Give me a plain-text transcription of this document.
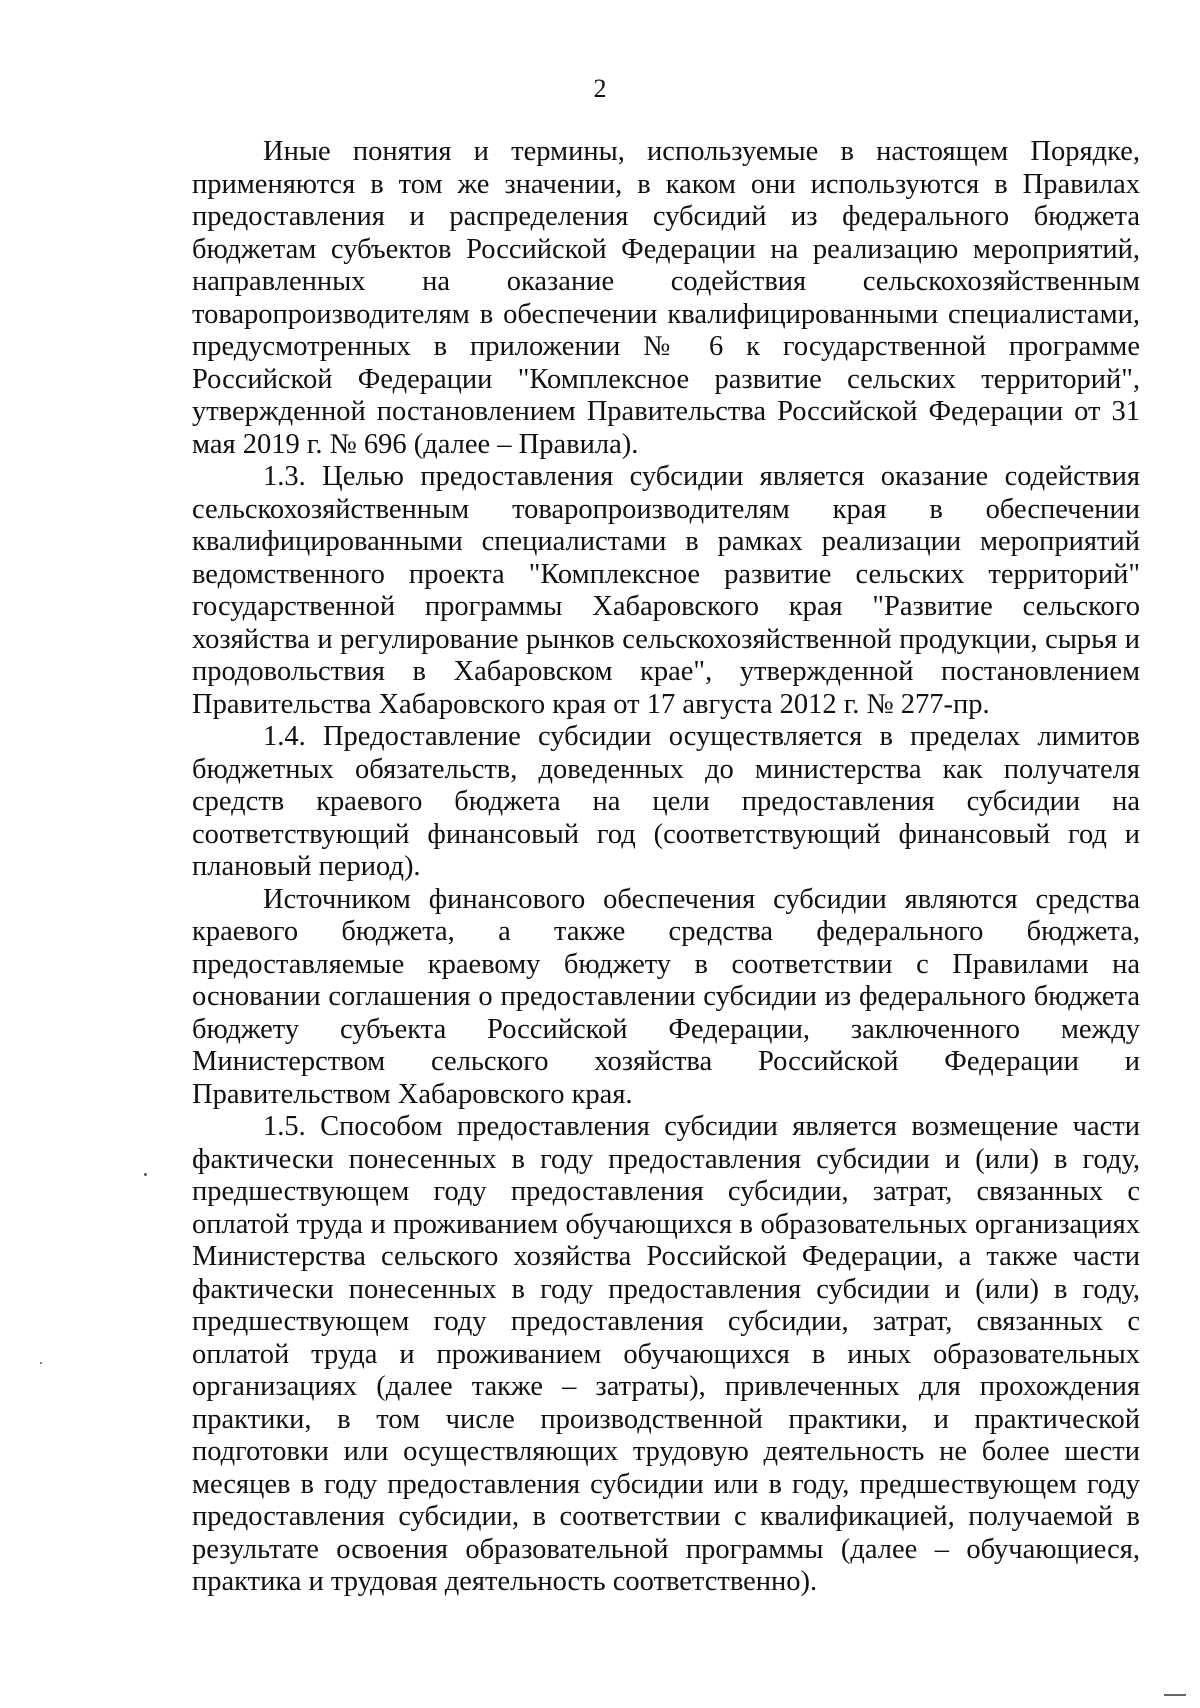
2

Иные понятия и термины, используемые в настоящем Порядке, применяются в том же значении, в каком они используются в Правилах предоставления и распределения субсидий из федерального бюджета бюджетам субъектов Российской Федерации на реализацию мероприятий, направленных на оказание содействия сельскохозяйственным товаропроизводителям в обеспечении квалифицированными специалистами, предусмотренных в приложении № 6 к государственной программе Российской Федерации "Комплексное развитие сельских территорий", утвержденной постановлением Правительства Российской Федерации от 31 мая 2019 г. № 696 (далее – Правила).

1.3. Целью предоставления субсидии является оказание содействия сельскохозяйственным товаропроизводителям края в обеспечении квалифицированными специалистами в рамках реализации мероприятий ведомственного проекта "Комплексное развитие сельских территорий" государственной программы Хабаровского края "Развитие сельского хозяйства и регулирование рынков сельскохозяйственной продукции, сырья и продовольствия в Хабаровском крае", утвержденной постановлением Правительства Хабаровского края от 17 августа 2012 г. № 277-пр.

1.4. Предоставление субсидии осуществляется в пределах лимитов бюджетных обязательств, доведенных до министерства как получателя средств краевого бюджета на цели предоставления субсидии на соответствующий финансовый год (соответствующий финансовый год и плановый период).

Источником финансового обеспечения субсидии являются средства краевого бюджета, а также средства федерального бюджета, предоставляемые краевому бюджету в соответствии с Правилами на основании соглашения о предоставлении субсидии из федерального бюджета бюджету субъекта Российской Федерации, заключенного между Министерством сельского хозяйства Российской Федерации и Правительством Хабаровского края.

1.5. Способом предоставления субсидии является возмещение части фактически понесенных в году предоставления субсидии и (или) в году, предшествующем году предоставления субсидии, затрат, связанных с оплатой труда и проживанием обучающихся в образовательных организациях Министерства сельского хозяйства Российской Федерации, а также части фактически понесенных в году предоставления субсидии и (или) в году, предшествующем году предоставления субсидии, затрат, связанных с оплатой труда и проживанием обучающихся в иных образовательных организациях (далее также – затраты), привлеченных для прохождения практики, в том числе производственной практики, и практической подготовки или осуществляющих трудовую деятельность не более шести месяцев в году предоставления субсидии или в году, предшествующем году предоставления субсидии, в соответствии с квалификацией, получаемой в результате освоения образовательной программы (далее – обучающиеся, практика и трудовая деятельность соответственно).
